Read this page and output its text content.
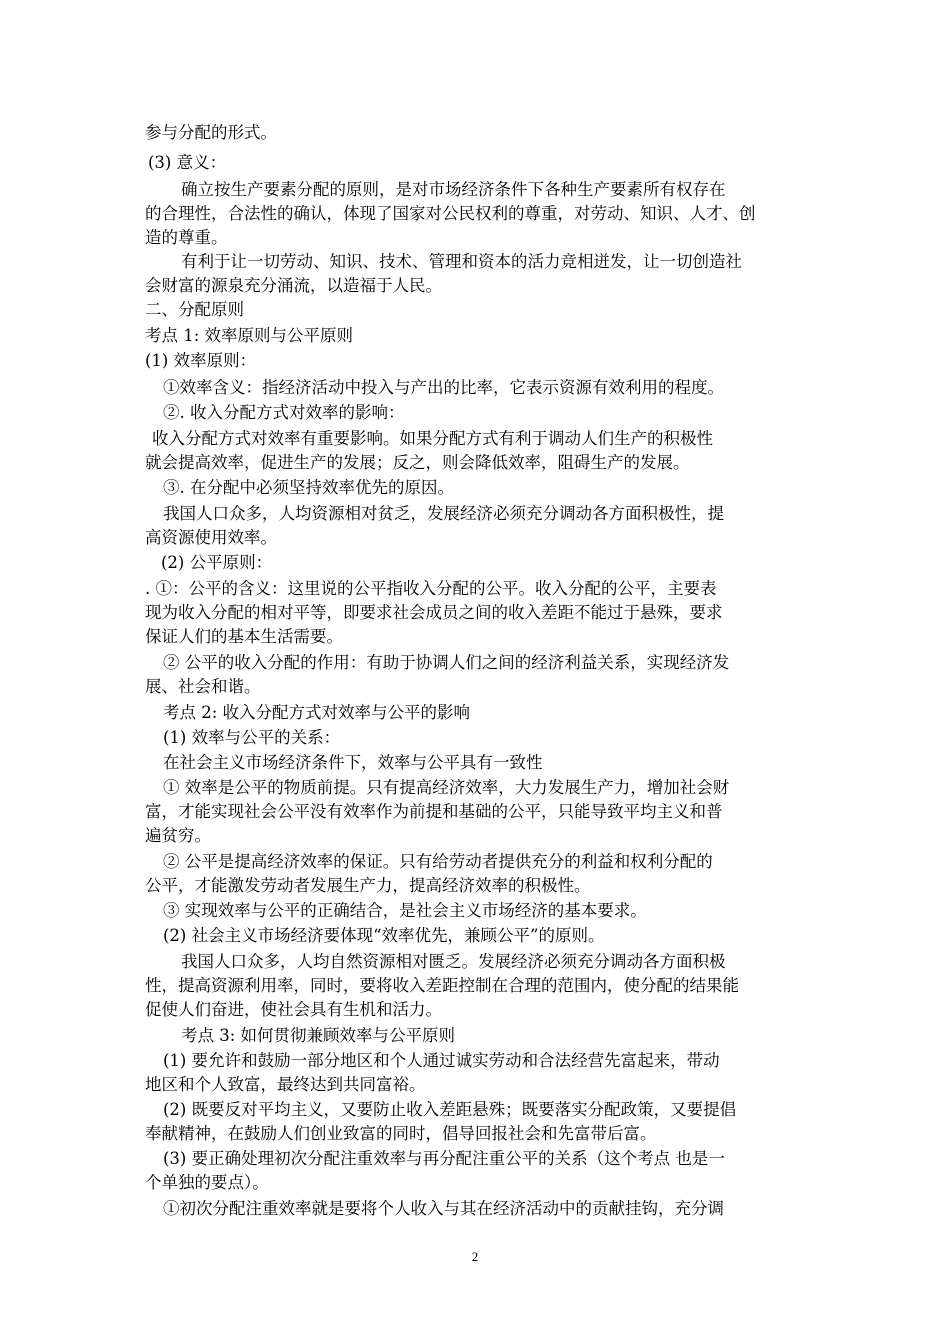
参与分配的形式。

(3) 意义：

确立按生产要素分配的原则，是对市场经济条件下各种生产要素所有权存在

的合理性，合法性的确认，体现了国家对公民权利的尊重，对劳动、知识、人才、创

造的尊重。

有利于让一切劳动、知识、技术、管理和资本的活力竞相迸发，让一切创造社

会财富的源泉充分涌流，以造福于人民。

二、分配原则

考点 1: 效率原则与公平原则

(1) 效率原则：

①效率含义：指经济活动中投入与产出的比率，它表示资源有效利用的程度。

②. 收入分配方式对效率的影响：

收入分配方式对效率有重要影响。如果分配方式有利于调动人们生产的积极性

就会提高效率，促进生产的发展；反之，则会降低效率，阻碍生产的发展。

③. 在分配中必须坚持效率优先的原因。

我国人口众多，人均资源相对贫乏，发展经济必须充分调动各方面积极性，提

高资源使用效率。

(2) 公平原则：

. ①：公平的含义：这里说的公平指收入分配的公平。收入分配的公平，主要表

现为收入分配的相对平等，即要求社会成员之间的收入差距不能过于悬殊，要求

保证人们的基本生活需要。

② 公平的收入分配的作用：有助于协调人们之间的经济利益关系，实现经济发

展、社会和谐。

考点 2: 收入分配方式对效率与公平的影响

(1) 效率与公平的关系：

在社会主义市场经济条件下，效率与公平具有一致性

① 效率是公平的物质前提。只有提高经济效率，大力发展生产力，增加社会财

富，才能实现社会公平没有效率作为前提和基础的公平，只能导致平均主义和普

遍贫穷。

② 公平是提高经济效率的保证。只有给劳动者提供充分的利益和权利分配的

公平，才能激发劳动者发展生产力，提高经济效率的积极性。

③ 实现效率与公平的正确结合，是社会主义市场经济的基本要求。

(2) 社会主义市场经济要体现“效率优先，兼顾公平”的原则。

我国人口众多，人均自然资源相对匮乏。发展经济必须充分调动各方面积极

性，提高资源利用率，同时，要将收入差距控制在合理的范围内，使分配的结果能

促使人们奋进，使社会具有生机和活力。

考点 3: 如何贯彻兼顾效率与公平原则

(1) 要允许和鼓励一部分地区和个人通过诚实劳动和合法经营先富起来，带动

地区和个人致富，最终达到共同富裕。

(2) 既要反对平均主义，又要防止收入差距悬殊；既要落实分配政策，又要提倡

奉献精神，在鼓励人们创业致富的同时，倡导回报社会和先富带后富。

(3) 要正确处理初次分配注重效率与再分配注重公平的关系（这个考点 也是一

个单独的要点）。

①初次分配注重效率就是要将个人收入与其在经济活动中的贡献挂钩，充分调

2
